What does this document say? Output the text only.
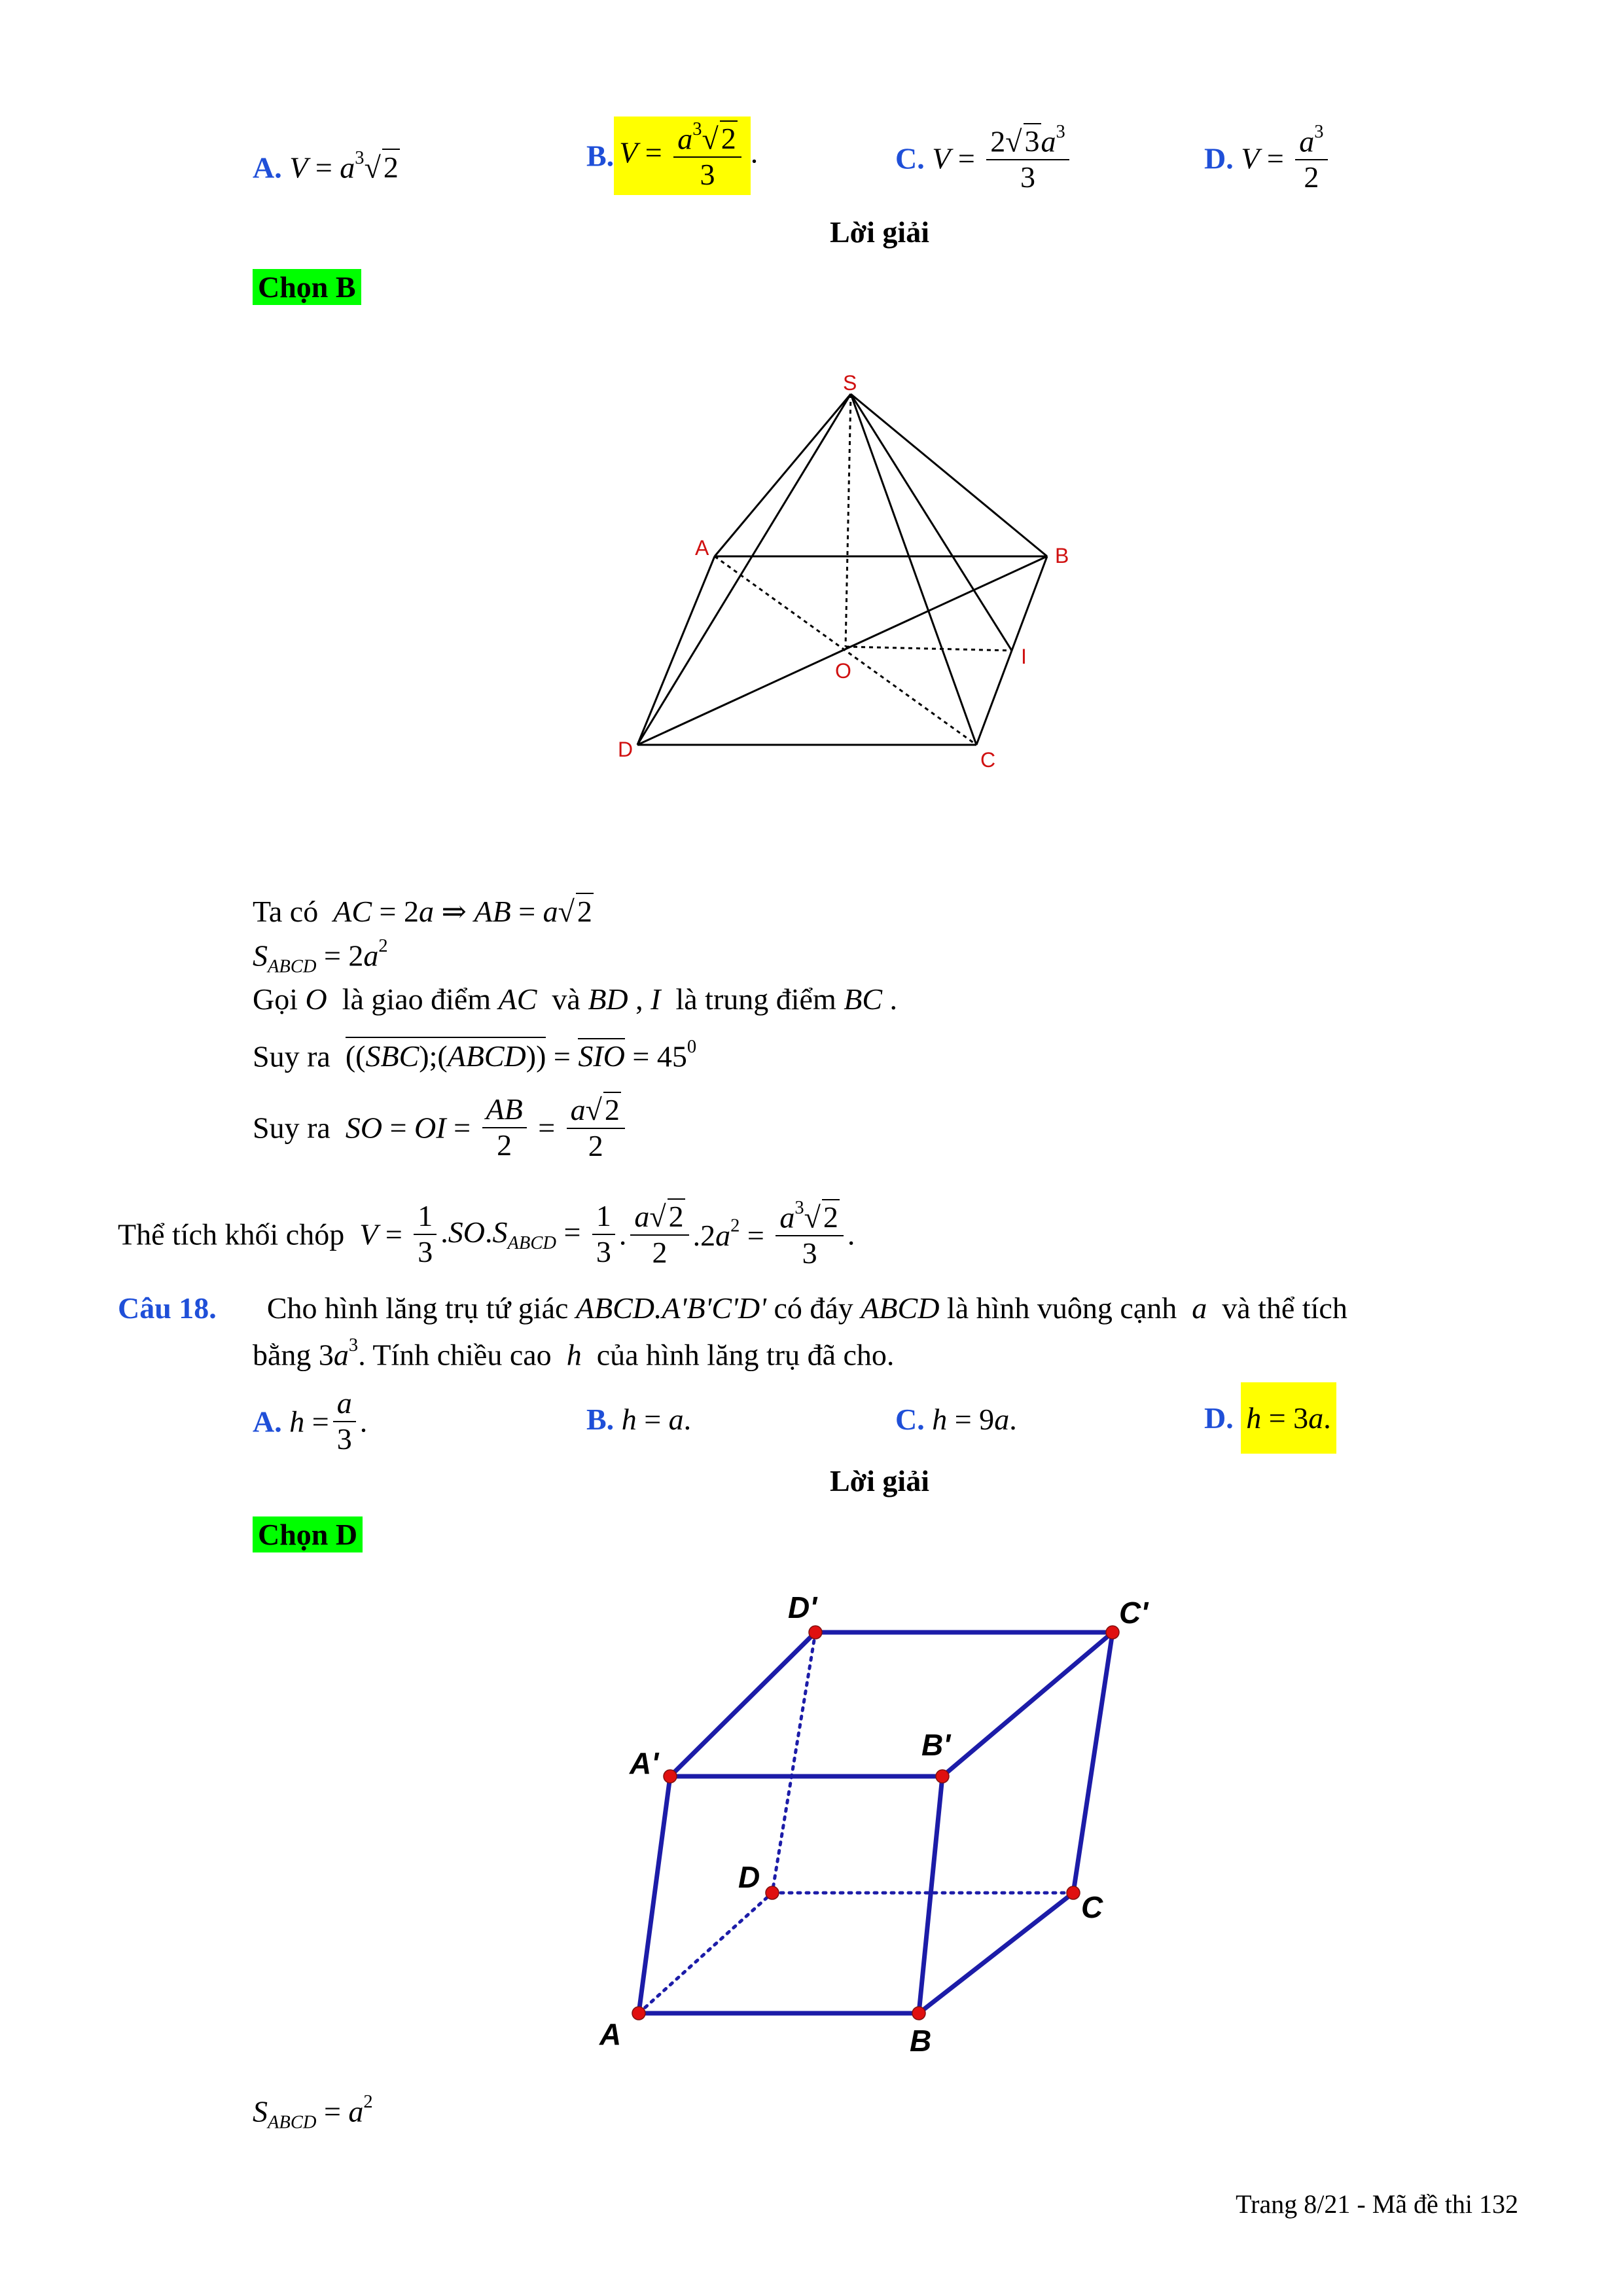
A. $V = a^3√2$	B. $V = \frac{a^3√2}{3}$ .	C. $V = \frac{2√3a^3}{3}$	D. $V = \frac{a^3}{2}$
Lời giải
Chọn B
S
A	B
C
D
O
I
Ta có AC = 2a ⇒ AB = a√2
$S_{ABCD} = 2a^2$
Gọi O là giao điểm AC và BD , I là trung điểm BC .
Suy ra ((SBC);(ABCD)) = SIO = $45^0$
Suy ra SO = OI = $\frac{AB}{2} = \frac{a√2}{2}$
Thể tích khối chóp $V = \frac{1}{3} .SO.S_{ABCD} = \frac{1}{3}$ . $\frac{a√2}{2} .2a^2 = \frac{a^3√2}{3}$ .
Câu 18. Cho hình lăng trụ tứ giác ABCD.A'B'C'D' có đáy ABCD là hình vuông cạnh a và thể tích
bằng $3a^3$. Tính chiều cao h của hình lăng trụ đã cho.
A. $h = \frac{a}{3}$ .	B. h = a.	C. h = 9a.	D. h = 3a.
Lời giải
Chọn D
D'	C'
A'
B'
D
C
A	B
$S_{ABCD} = a^2$
Trang 8/21 - Mã đề thi 132
